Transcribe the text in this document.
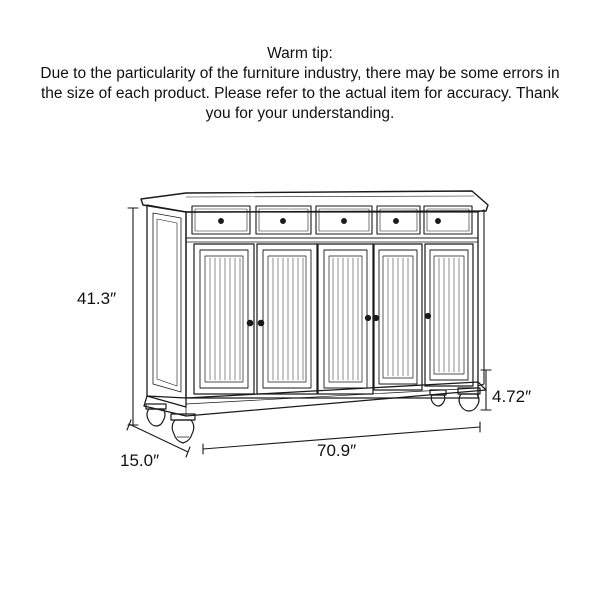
Warm tip:
Due to the particularity of the furniture industry, there may be some errors in
the size of each product. Please refer to the actual item for accuracy. Thank
you for your understanding.
41.3″
4.72″
15.0″
70.9″
